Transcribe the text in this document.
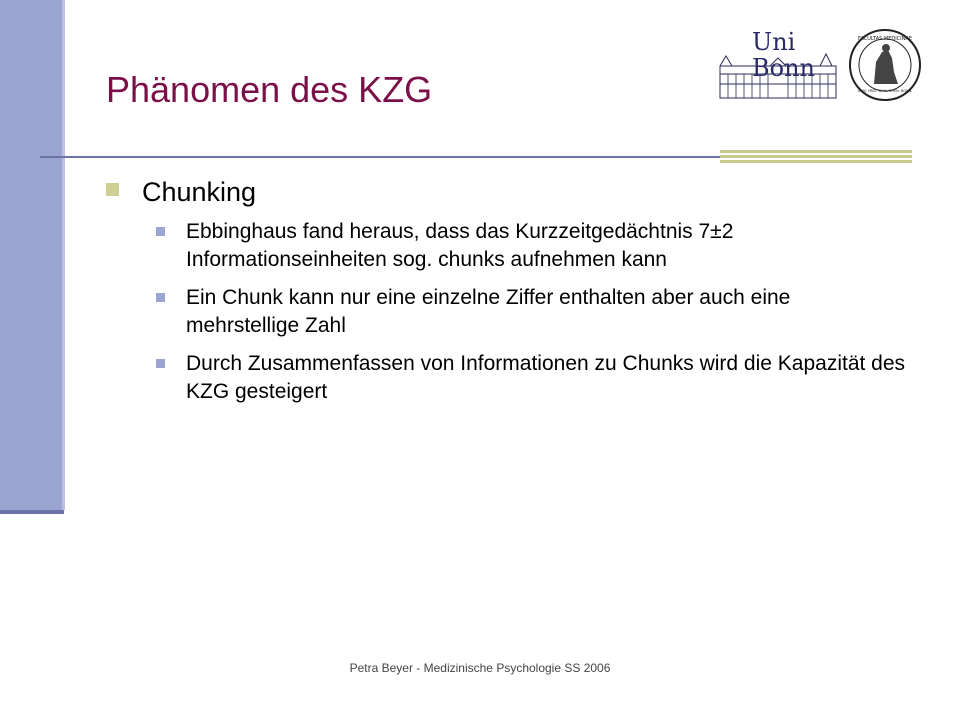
Phänomen des KZG
Uni
Bonn
FACULTAS MEDICINAE
UNIV. FRID. GUIL. RHEN. BONN.
Chunking
Ebbinghaus fand heraus, dass das Kurzzeitgedächtnis 7±2 Informationseinheiten sog. chunks aufnehmen kann
Ein Chunk kann nur eine einzelne Ziffer enthalten aber auch eine mehrstellige Zahl
Durch Zusammenfassen von Informationen zu Chunks wird die Kapazität des KZG gesteigert
Petra Beyer - Medizinische Psychologie SS 2006
